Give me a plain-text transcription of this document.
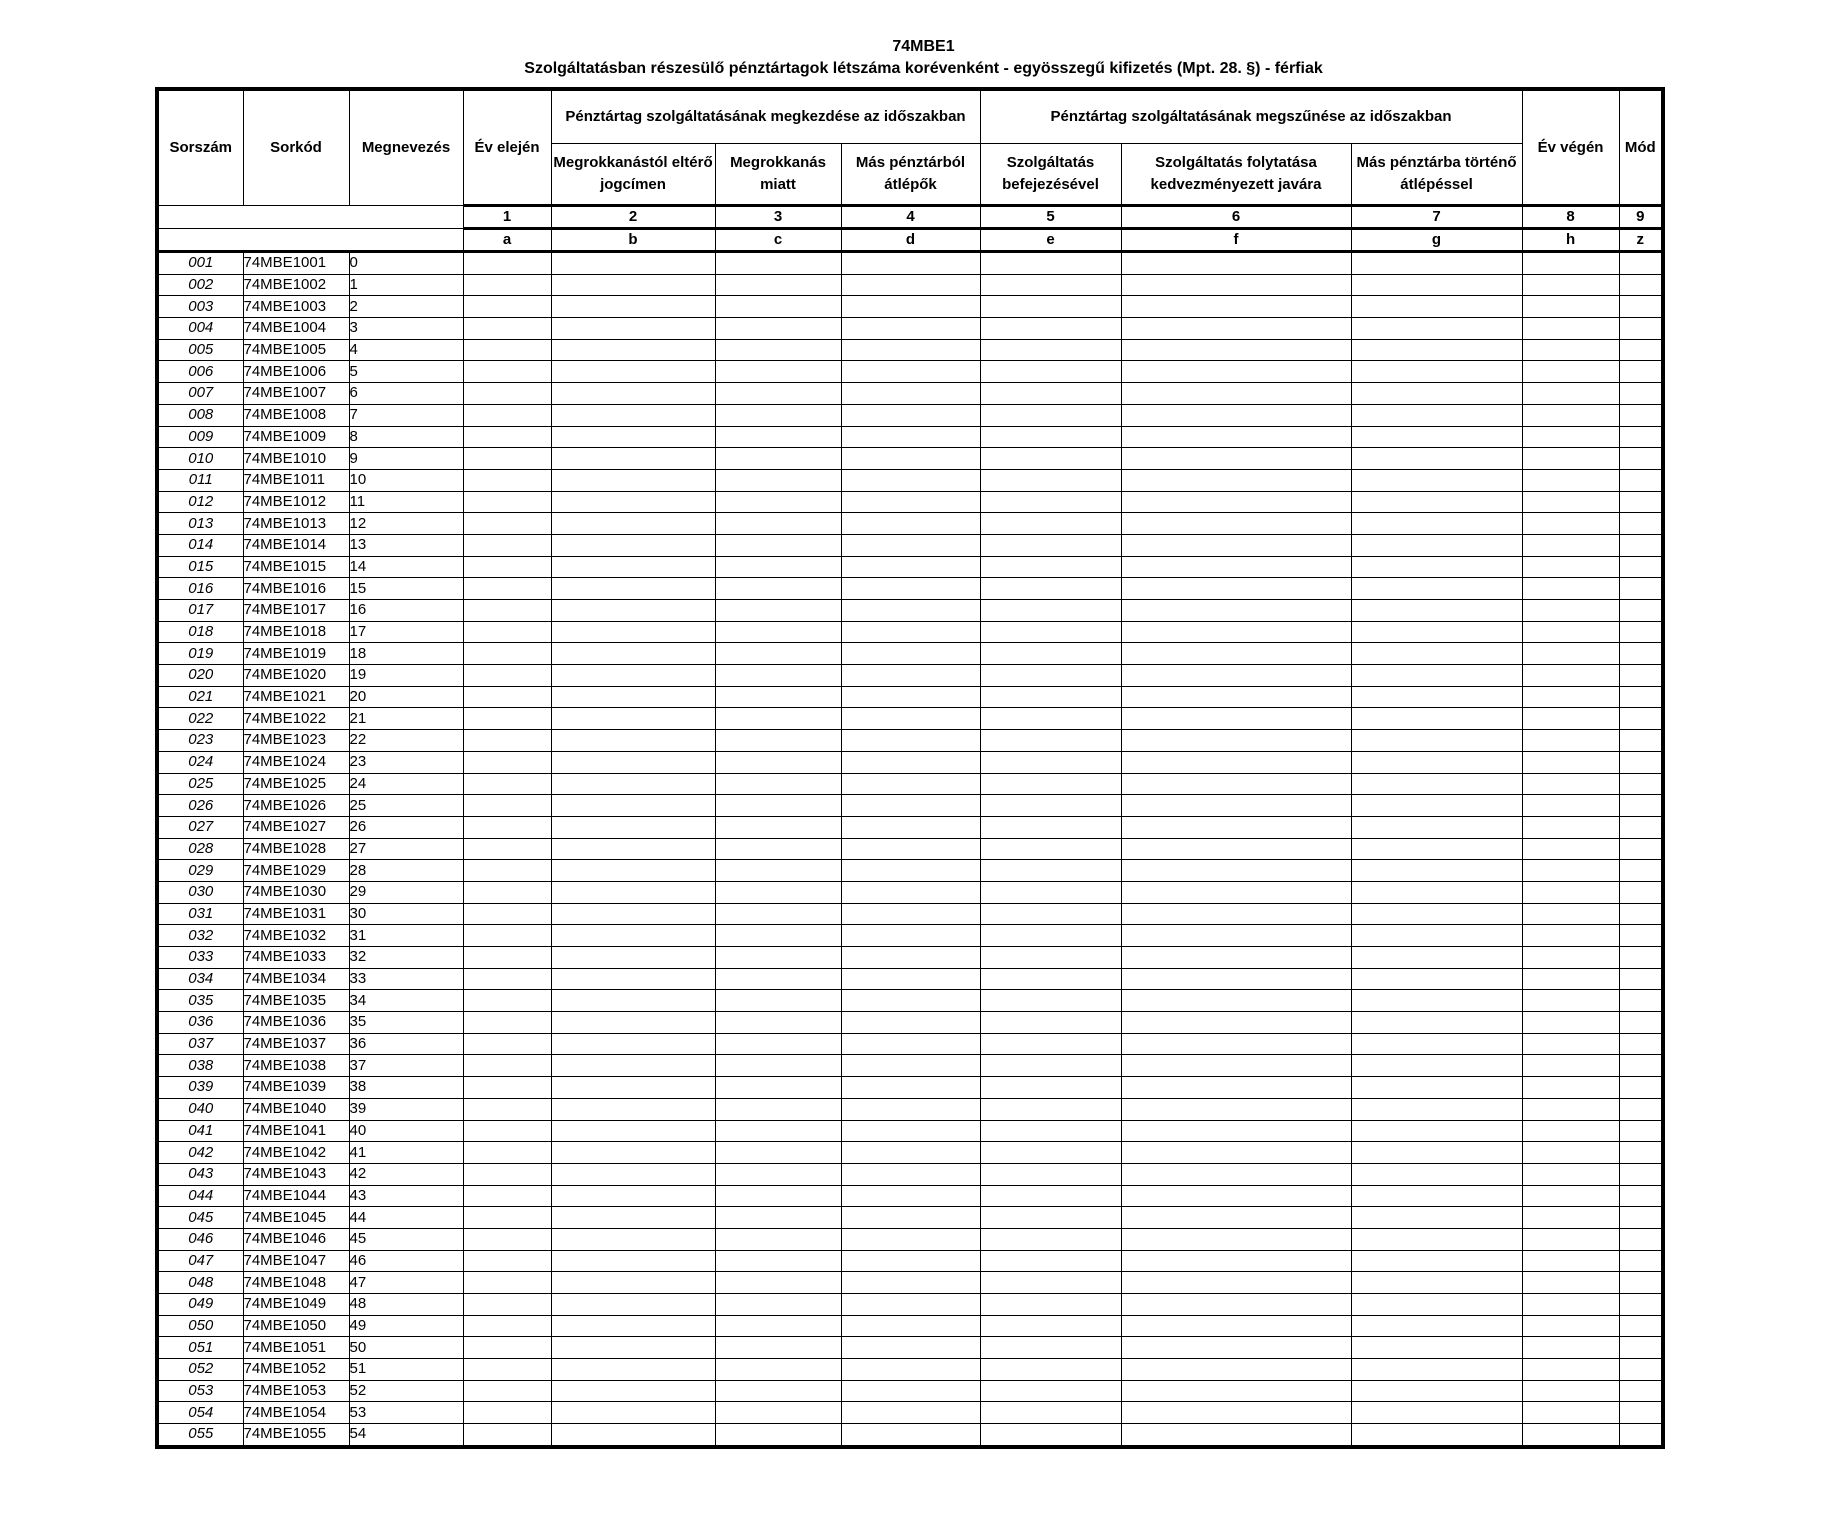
74MBE1
Szolgáltatásban részesülő pénztártagok létszáma korévenként - egyösszegű kifizetés (Mpt. 28. §) - férfiak
Sorszám	Sorkód	Megnevezés	Év elején	Pénztártag szolgáltatásának megkezdése az időszakban			Pénztártag szolgáltatásának megszűnése az időszakban			Év végén	Mód
				Megrokkanástól eltérő jogcímen	Megrokkanás miatt	Más pénztárból átlépők	Szolgáltatás befejezésével	Szolgáltatás folytatása kedvezményezett javára	Más pénztárba történő átlépéssel		
			1	2	3	4	5	6	7	8	9
			a	b	c	d	e	f	g	h	z
001	74MBE1001	0									
002	74MBE1002	1									
003	74MBE1003	2									
004	74MBE1004	3									
005	74MBE1005	4									
006	74MBE1006	5									
007	74MBE1007	6									
008	74MBE1008	7									
009	74MBE1009	8									
010	74MBE1010	9									
011	74MBE1011	10									
012	74MBE1012	11									
013	74MBE1013	12									
014	74MBE1014	13									
015	74MBE1015	14									
016	74MBE1016	15									
017	74MBE1017	16									
018	74MBE1018	17									
019	74MBE1019	18									
020	74MBE1020	19									
021	74MBE1021	20									
022	74MBE1022	21									
023	74MBE1023	22									
024	74MBE1024	23									
025	74MBE1025	24									
026	74MBE1026	25									
027	74MBE1027	26									
028	74MBE1028	27									
029	74MBE1029	28									
030	74MBE1030	29									
031	74MBE1031	30									
032	74MBE1032	31									
033	74MBE1033	32									
034	74MBE1034	33									
035	74MBE1035	34									
036	74MBE1036	35									
037	74MBE1037	36									
038	74MBE1038	37									
039	74MBE1039	38									
040	74MBE1040	39									
041	74MBE1041	40									
042	74MBE1042	41									
043	74MBE1043	42									
044	74MBE1044	43									
045	74MBE1045	44									
046	74MBE1046	45									
047	74MBE1047	46									
048	74MBE1048	47									
049	74MBE1049	48									
050	74MBE1050	49									
051	74MBE1051	50									
052	74MBE1052	51									
053	74MBE1053	52									
054	74MBE1054	53									
055	74MBE1055	54									
